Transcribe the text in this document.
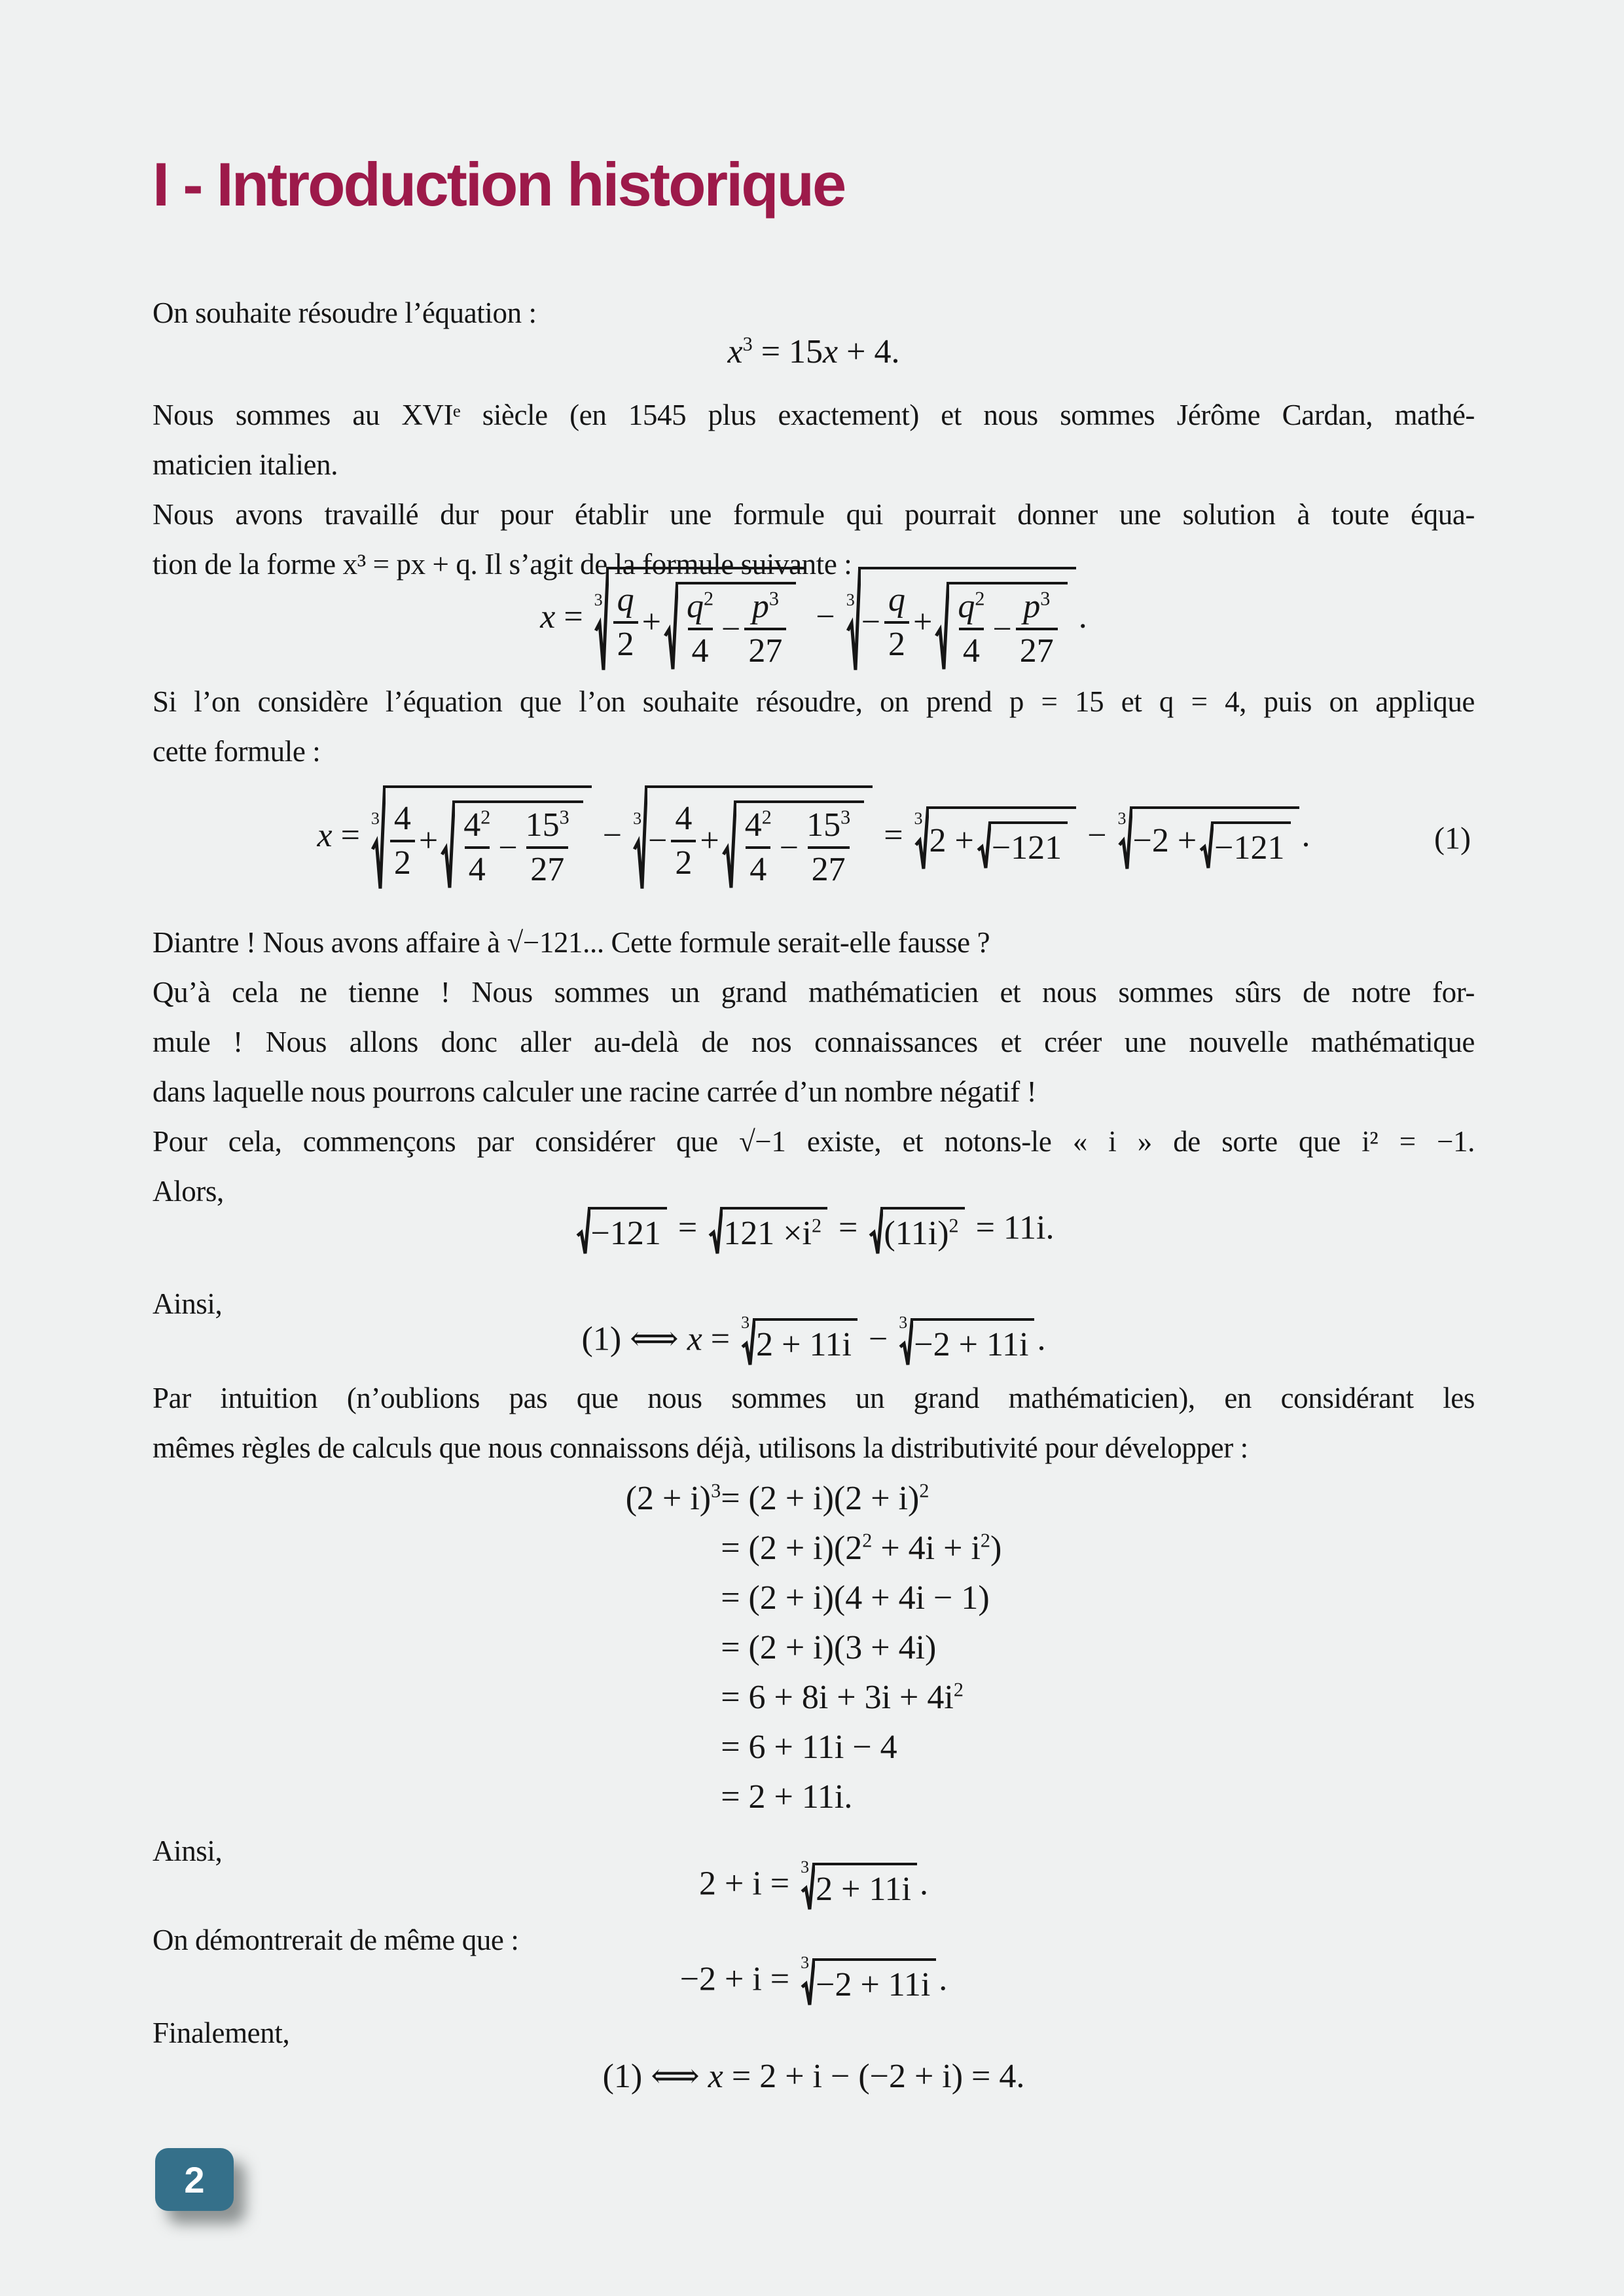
I - Introduction historique
On souhaite résoudre l’équation :
$x^3 = 15x + 4$.
Nous sommes au XVIᵉ siècle (en 1545 plus exactement) et nous sommes Jérôme Cardan, mathé-
maticien italien.
Nous avons travaillé dur pour établir une formule qui pourrait donner une solution à toute équa-
tion de la forme x³ = px + q. Il s’agit de la formule suivante :
$x = 3 \frac{q}{2} + \frac{q^2}{4} - \frac{p^3}{27} - 3$
− $\frac{q}{2} + \frac{q^2}{4} - \frac{p^3}{27}$ .
Si l’on considère l’équation que l’on souhaite résoudre, on prend p = 15 et q = 4, puis on applique
cette formule :
(1)
$x = 3 \frac{4}{2} + \frac{4^2}{4} - \frac{15^3}{27} - 3$
− $\frac{4}{2} + \frac{4^2}{4} - \frac{15^3}{27} = 3$
2 + −121 − 3
−2 + −121 .
Diantre ! Nous avons affaire à √−121... Cette formule serait-elle fausse ?
Qu’à cela ne tienne ! Nous sommes un grand mathématicien et nous sommes sûrs de notre for-
mule ! Nous allons donc aller au-delà de nos connaissances et créer une nouvelle mathématique
dans laquelle nous pourrons calculer une racine carrée d’un nombre négatif !
Pour cela, commençons par considérer que √−1 existe, et notons-le « i » de sorte que i² = −1.
Alors,
$-121 = 121 \times i^2 = (11i)^2 = 11i$.
Ainsi,
(1) ⟺ x = 3
2 + 11i − 3
−2 + 11i .
Par intuition (n’oublions pas que nous sommes un grand mathématicien), en considérant les
mêmes règles de calculs que nous connaissons déjà, utilisons la distributivité pour développer :
$(2 + i)^3 = (2 + i)(2 + i)^2$
= $(2 + i)(2^2 + 4i + i^2)$
= (2 + i)(4 + 4i − 1)
= (2 + i)(3 + 4i)
= $6 + 8i + 3i + 4i^2$
= 6 + 11i − 4
= 2 + 11i.
Ainsi,
2 + i = 3
2 + 11i .
On démontrerait de même que :
−2 + i = 3
−2 + 11i .
Finalement,
(1) ⟺ x = 2 + i − (−2 + i) = 4.
2
